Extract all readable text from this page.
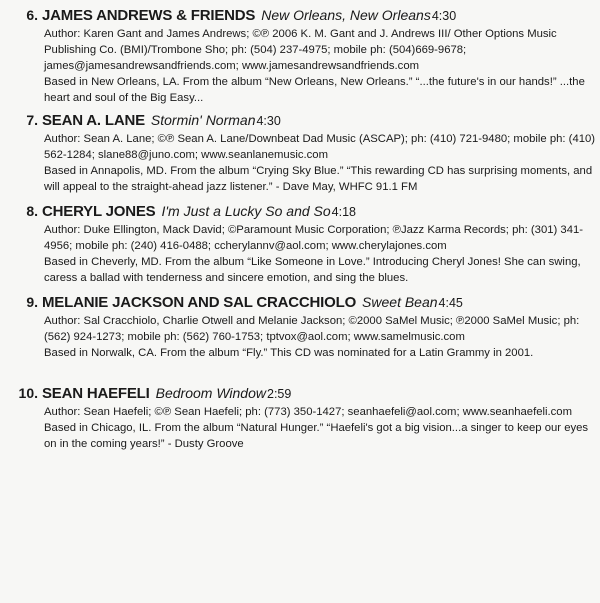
6. JAMES ANDREWS & FRIENDS New Orleans, New Orleans4:30

Author: Karen Gant and James Andrews; ©℗ 2006 K. M. Gant and J. Andrews III/ Other Options Music Publishing Co. (BMI)/Trombone Sho; ph: (504) 237-4975; mobile ph: (504)669-9678; james@jamesandrewsandfriends.com; www.jamesandrewsandfriends.com

Based in New Orleans, LA. From the album “New Orleans, New Orleans.” “...the future's in our hands!” ...the heart and soul of the Big Easy...

7. SEAN A. LANE Stormin' Norman4:30

Author: Sean A. Lane; ©℗ Sean A. Lane/Downbeat Dad Music (ASCAP); ph: (410) 721-9480; mobile ph: (410) 562-1284; slane88@juno.com; www.seanlanemusic.com

Based in Annapolis, MD. From the album “Crying Sky Blue.” “This rewarding CD has surprising moments, and will appeal to the straight-ahead jazz listener.” - Dave May, WHFC 91.1 FM

8. CHERYL JONES I'm Just a Lucky So and So4:18

Author: Duke Ellington, Mack David; ©Paramount Music Corporation; ℗Jazz Karma Records; ph: (301) 341-4956; mobile ph: (240) 416-0488; ccherylannv@aol.com; www.cherylajones.com

Based in Cheverly, MD. From the album “Like Someone in Love.” Introducing Cheryl Jones! She can swing, caress a ballad with tenderness and sincere emotion, and sing the blues.

9. MELANIE JACKSON AND SAL CRACCHIOLO Sweet Bean4:45

Author: Sal Cracchiolo, Charlie Otwell and Melanie Jackson; ©2000 SaMel Music; ℗2000 SaMel Music; ph: (562) 924-1273; mobile ph: (562) 760-1753; tptvox@aol.com; www.samelmusic.com

Based in Norwalk, CA. From the album “Fly.” This CD was nominated for a Latin Grammy in 2001.

10. SEAN HAEFELI Bedroom Window2:59

Author: Sean Haefeli; ©℗ Sean Haefeli; ph: (773) 350-1427; seanhaefeli@aol.com; www.seanhaefeli.com

Based in Chicago, IL. From the album “Natural Hunger.” “Haefeli's got a big vision...a singer to keep our eyes on in the coming years!” - Dusty Groove
